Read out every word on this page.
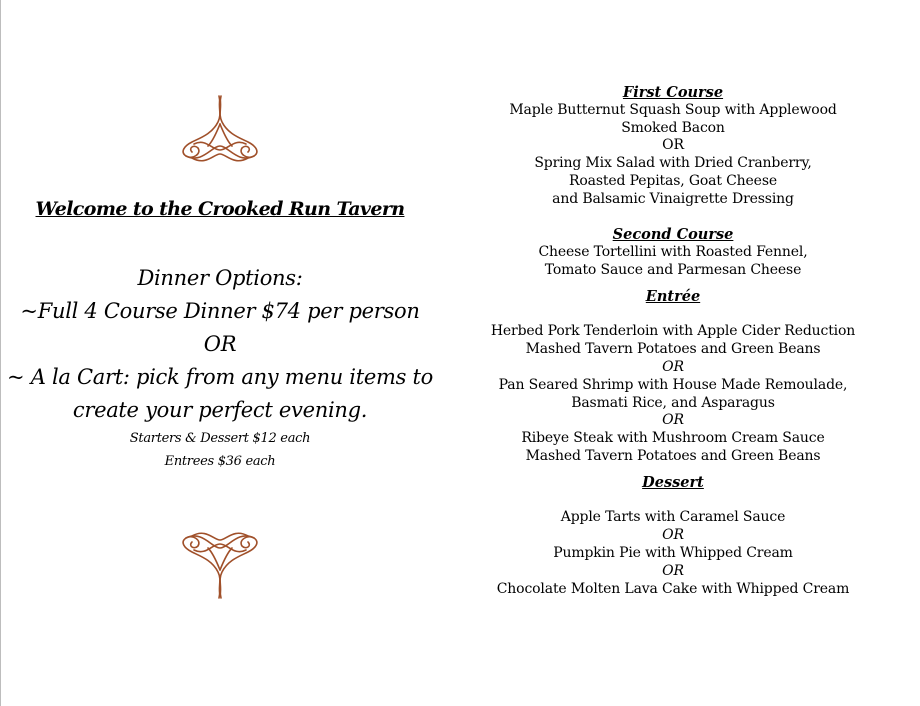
Welcome to the Crooked Run Tavern
Dinner Options:
~Full 4 Course Dinner $74 per person
OR
~ A la Cart: pick from any menu items to
create your perfect evening.
Starters & Dessert $12 each
Entrees $36 each
First Course
Maple Butternut Squash Soup with Applewood
Smoked Bacon
OR
Spring Mix Salad with Dried Cranberry,
Roasted Pepitas, Goat Cheese
and Balsamic Vinaigrette Dressing
Second Course
Cheese Tortellini with Roasted Fennel,
Tomato Sauce and Parmesan Cheese
Entrée
Herbed Pork Tenderloin with Apple Cider Reduction
Mashed Tavern Potatoes and Green Beans
OR
Pan Seared Shrimp with House Made Remoulade,
Basmati Rice, and Asparagus
OR
Ribeye Steak with Mushroom Cream Sauce
Mashed Tavern Potatoes and Green Beans
Dessert
Apple Tarts with Caramel Sauce
OR
Pumpkin Pie with Whipped Cream
OR
Chocolate Molten Lava Cake with Whipped Cream
